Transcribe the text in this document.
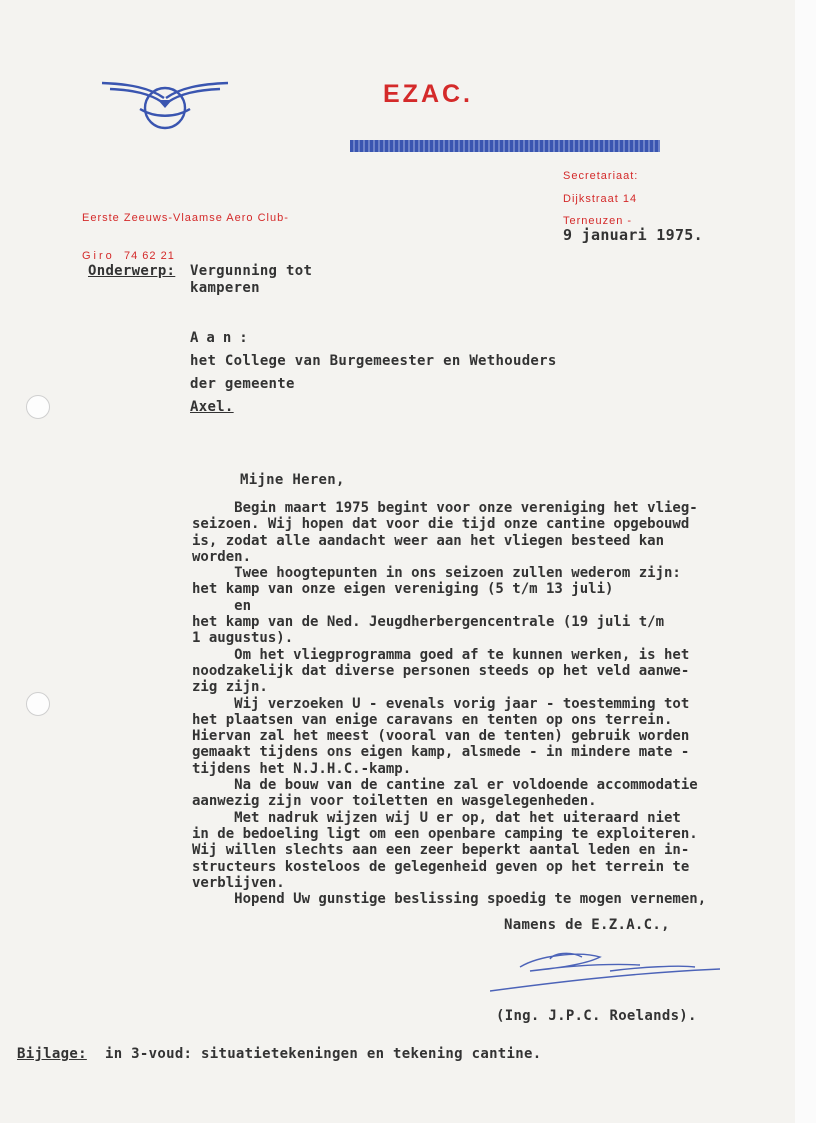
EZAC.
Secretariaat:
Dijkstraat 14
Terneuzen -
9 januari 1975.
Eerste Zeeuws-Vlaamse Aero Club-
Giro 74 62 21
Onderwerp: Vergunning tot
kamperen
Aan:
het College van Burgemeester en Wethouders
der gemeente
Axel.
Mijne Heren,

Begin maart 1975 begint voor onze vereniging het vlieg-

seizoen. Wij hopen dat voor die tijd onze cantine opgebouwd

is, zodat alle aandacht weer aan het vliegen besteed kan

worden.

Twee hoogtepunten in ons seizoen zullen wederom zijn:

het kamp van onze eigen vereniging (5 t/m 13 juli)

en

het kamp van de Ned. Jeugdherbergencentrale (19 juli t/m

1 augustus).

Om het vliegprogramma goed af te kunnen werken, is het

noodzakelijk dat diverse personen steeds op het veld aanwe-

zig zijn.

Wij verzoeken U - evenals vorig jaar - toestemming tot

het plaatsen van enige caravans en tenten op ons terrein.

Hiervan zal het meest (vooral van de tenten) gebruik worden

gemaakt tijdens ons eigen kamp, alsmede - in mindere mate -

tijdens het N.J.H.C.-kamp.

Na de bouw van de cantine zal er voldoende accommodatie

aanwezig zijn voor toiletten en wasgelegenheden.

Met nadruk wijzen wij U er op, dat het uiteraard niet

in de bedoeling ligt om een openbare camping te exploiteren.

Wij willen slechts aan een zeer beperkt aantal leden en in-

structeurs kosteloos de gelegenheid geven op het terrein te

verblijven.

Hopend Uw gunstige beslissing spoedig te mogen vernemen,

Namens de E.Z.A.C.,
(Ing. J.P.C. Roelands).
Bijlage: in 3-voud: situatietekeningen en tekening cantine.
